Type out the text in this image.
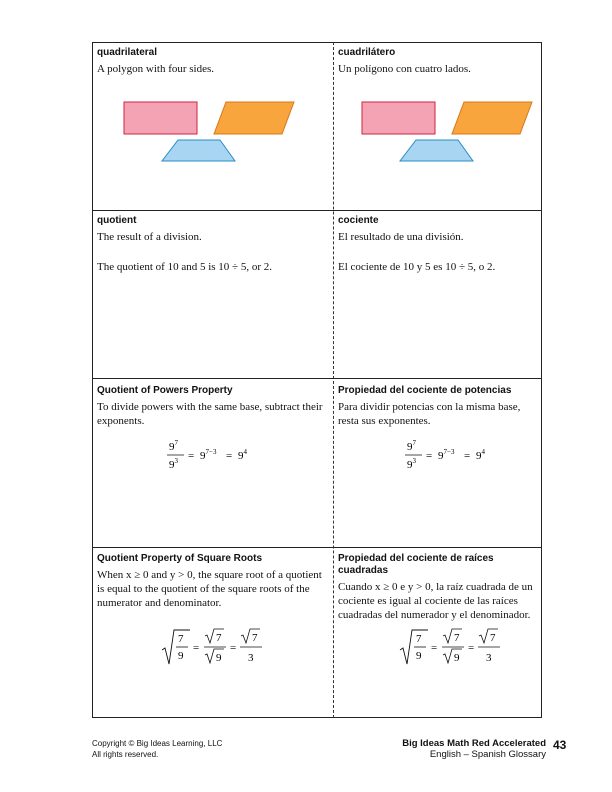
quadrilateral

A polygon with four sides.

cuadrilátero

Un polígono con cuatro lados.

quotient

The result of a division.

The quotient of 10 and 5 is 10 ÷ 5, or 2.

cociente

El resultado de una división.

El cociente de 10 y 5 es 10 ÷ 5, o 2.

Quotient of Powers Property

To divide powers with the same base, subtract their exponents.

$9^7$
$9^3 = 9^{7-3} = 9^4$

Propiedad del cociente de potencias

Para dividir potencias con la misma base, resta sus exponentes.

$9^7$
$9^3 = 9^{7-3} = 9^4$

Quotient Property of Square Roots

When x ≥ 0 and y > 0, the square root of a quotient is equal to the quotient of the square roots of the numerator and denominator.

7
9
=
7
9
=
7
3

Propiedad del cociente de raíces cuadradas

Cuando x ≥ 0 e y > 0, la raíz cuadrada de un cociente es igual al cociente de las raíces cuadradas del numerador y el denominador.

7
9
=
7
9
=
7
3
Copyright © Big Ideas Learning, LLC
All rights reserved.
Big Ideas Math Red Accelerated
English – Spanish Glossary
43
